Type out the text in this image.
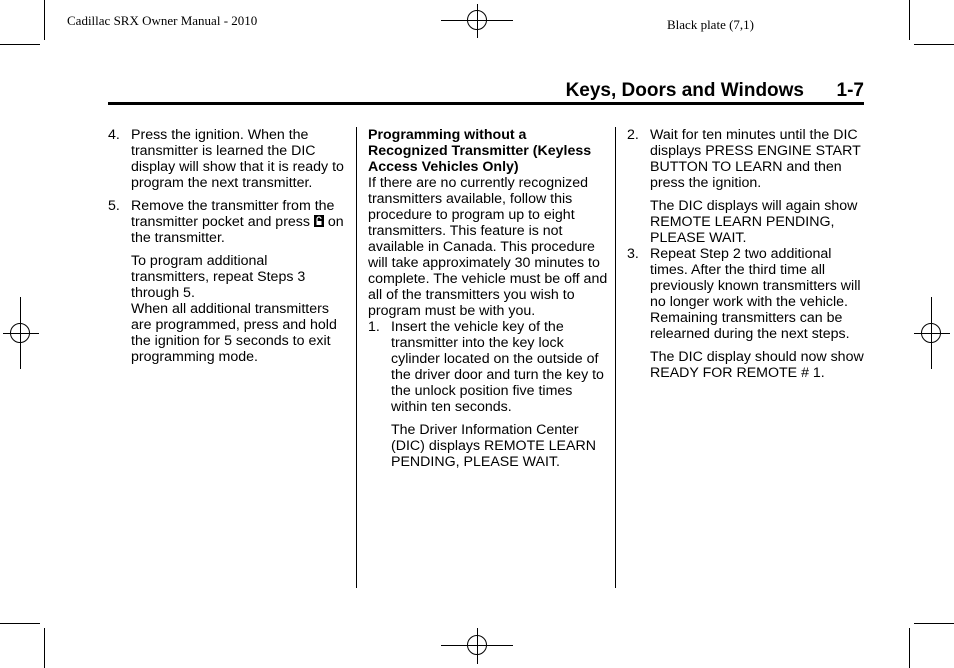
Cadillac SRX Owner Manual - 2010	Black plate (7,1)
Keys, Doors and Windows 1-7
4. Press the ignition. When the transmitter is learned the DIC display will show that it is ready to program the next transmitter.

5. Remove the transmitter from the transmitter pocket and press on the transmitter.

To program additional transmitters, repeat Steps 3 through 5.

When all additional transmitters are programmed, press and hold the ignition for 5 seconds to exit programming mode.

Programming without a Recognized Transmitter (Keyless Access Vehicles Only)

If there are no currently recognized transmitters available, follow this procedure to program up to eight transmitters. This feature is not available in Canada. This procedure will take approximately 30 minutes to complete. The vehicle must be off and all of the transmitters you wish to program must be with you.

1. Insert the vehicle key of the transmitter into the key lock cylinder located on the outside of the driver door and turn the key to the unlock position five times within ten seconds.

The Driver Information Center (DIC) displays REMOTE LEARN PENDING, PLEASE WAIT.

2. Wait for ten minutes until the DIC displays PRESS ENGINE START BUTTON TO LEARN and then press the ignition.

The DIC displays will again show REMOTE LEARN PENDING, PLEASE WAIT.

3. Repeat Step 2 two additional times. After the third time all previously known transmitters will no longer work with the vehicle. Remaining transmitters can be relearned during the next steps.

The DIC display should now show READY FOR REMOTE # 1.
